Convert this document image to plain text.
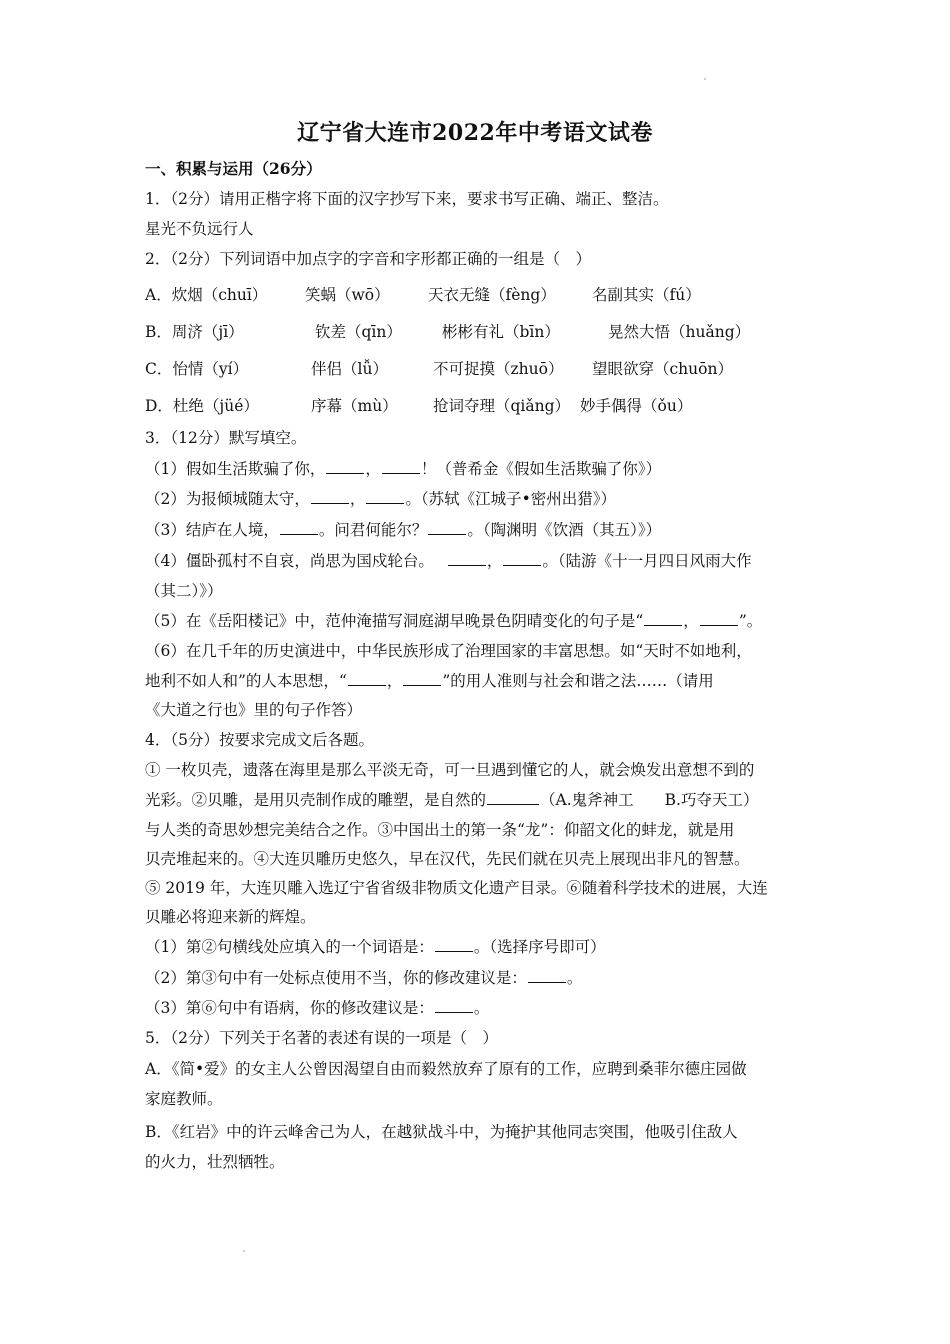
辽宁省大连市2022年中考语文试卷
一、积累与运用（26分）
1．（2分）请用正楷字将下面的汉字抄写下来，要求书写正确、端正、整洁。
星光不负远行人
2．（2分）下列词语中加点字的字音和字形都正确的一组是（　）
A．炊烟（chuī） 笑蜗（wō） 天衣无缝（fèng） 名副其实（fú）
B．周济（jī）	钦差（qīn）	彬彬有礼（bīn）	晃然大悟（huǎng）
C．怡情（yí）	伴侣（lǚ）	不可捉摸（zhuō） 望眼欲穿（chuōn）
D．杜绝（jüé）	序幕（mù） 抢词夺理（qiǎng） 妙手偶得（ǒu）
3．（12分）默写填空。
（1）假如生活欺骗了你，	，	！（普希金《假如生活欺骗了你》）
（2）为报倾城随太守，	，	。（苏轼《江城子•密州出猎》）
（3）结庐在人境，	。问君何能尔？	。（陶渊明《饮酒（其五）》）
（4）僵卧孤村不自哀，尚思为国戍轮台。	，	。（陆游《十一月四日风雨大作
（其二）》）
（5）在《岳阳楼记》中，范仲淹描写洞庭湖早晚景色阴晴变化的句子是“	，	”。
（6）在几千年的历史演进中，中华民族形成了治理国家的丰富思想。如“天时不如地利，
地利不如人和”的人本思想，“	，	”的用人准则与社会和谐之法……（请用
《大道之行也》里的句子作答）
4．（5分）按要求完成文后各题。
① 一枚贝壳，遗落在海里是那么平淡无奇，可一旦遇到懂它的人，就会焕发出意想不到的
光彩。②贝雕，是用贝壳制作成的雕塑，是自然的	（A.鬼斧神工　　B.巧夺天工）
与人类的奇思妙想完美结合之作。③中国出土的第一条“龙”：仰韶文化的蚌龙，就是用
贝壳堆起来的。④大连贝雕历史悠久，早在汉代，先民们就在贝壳上展现出非凡的智慧。
⑤ 2019 年，大连贝雕入选辽宁省省级非物质文化遗产目录。⑥随着科学技术的进展，大连
贝雕必将迎来新的辉煌。
（1）第②句横线处应填入的一个词语是：	。（选择序号即可）
（2）第③句中有一处标点使用不当，你的修改建议是：	。
（3）第⑥句中有语病，你的修改建议是：	。
5．（2分）下列关于名著的表述有误的一项是（　）
A．《简•爱》的女主人公曾因渴望自由而毅然放弃了原有的工作，应聘到桑菲尔德庄园做
家庭教师。
B．《红岩》中的许云峰舍己为人，在越狱战斗中，为掩护其他同志突围，他吸引住敌人
的火力，壮烈牺牲。
